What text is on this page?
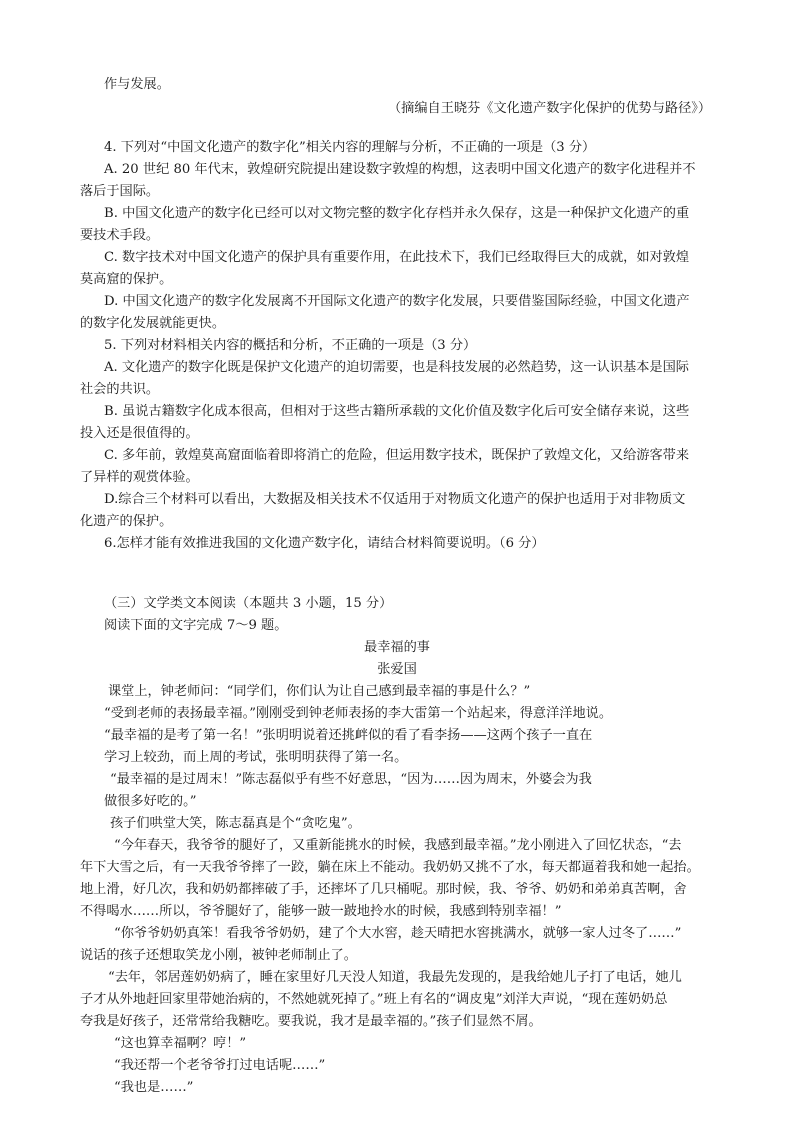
作与发展。
（摘编自王晓芬《文化遗产数字化保护的优势与路径》）
4. 下列对“中国文化遗产的数字化”相关内容的理解与分析，不正确的一项是（3 分）
A. 20 世纪 80 年代末，敦煌研究院提出建设数字敦煌的构想，这表明中国文化遗产的数字化进程并不
落后于国际。
B. 中国文化遗产的数字化已经可以对文物完整的数字化存档并永久保存，这是一种保护文化遗产的重
要技术手段。
C. 数字技术对中国文化遗产的保护具有重要作用，在此技术下，我们已经取得巨大的成就，如对敦煌
莫高窟的保护。
D. 中国文化遗产的数字化发展离不开国际文化遗产的数字化发展，只要借鉴国际经验，中国文化遗产
的数字化发展就能更快。
5. 下列对材料相关内容的概括和分析，不正确的一项是（3 分）
A. 文化遗产的数字化既是保护文化遗产的迫切需要，也是科技发展的必然趋势，这一认识基本是国际
社会的共识。
B. 虽说古籍数字化成本很高，但相对于这些古籍所承载的文化价值及数字化后可安全储存来说，这些
投入还是很值得的。
C. 多年前，敦煌莫高窟面临着即将消亡的危险，但运用数字技术，既保护了敦煌文化，又给游客带来
了异样的观赏体验。
D.综合三个材料可以看出，大数据及相关技术不仅适用于对物质文化遗产的保护也适用于对非物质文
化遗产的保护。
6.怎样才能有效推进我国的文化遗产数字化，请结合材料简要说明。（6 分）
（三）文学类文本阅读（本题共 3 小题，15 分）
阅读下面的文字完成 7～9 题。
最幸福的事
张爱国
课堂上，钟老师问：“同学们，你们认为让自己感到最幸福的事是什么？”
“受到老师的表扬最幸福。”刚刚受到钟老师表扬的李大雷第一个站起来，得意洋洋地说。
“最幸福的是考了第一名！”张明明说着还挑衅似的看了看李扬——这两个孩子一直在
学习上较劲，而上周的考试，张明明获得了第一名。
“最幸福的是过周末！”陈志磊似乎有些不好意思，“因为……因为周末，外婆会为我
做很多好吃的。”
孩子们哄堂大笑，陈志磊真是个“贪吃鬼”。
“今年春天，我爷爷的腿好了，又重新能挑水的时候，我感到最幸福。”龙小刚进入了回忆状态，“去
年下大雪之后，有一天我爷爷摔了一跤，躺在床上不能动。我奶奶又挑不了水，每天都逼着我和她一起抬。
地上滑，好几次，我和奶奶都摔破了手，还摔坏了几只桶呢。那时候，我、爷爷、奶奶和弟弟真苦啊，舍
不得喝水……所以，爷爷腿好了，能够一跛一跛地拎水的时候，我感到特别幸福！”
“你爷爷奶奶真笨！看我爷爷奶奶，建了个大水窖，趁天晴把水窖挑满水，就够一家人过冬了……”
说话的孩子还想取笑龙小刚，被钟老师制止了。
“去年，邻居莲奶奶病了，睡在家里好几天没人知道，我最先发现的，是我给她儿子打了电话，她儿
子才从外地赶回家里带她治病的，不然她就死掉了。”班上有名的“调皮鬼”刘洋大声说，“现在莲奶奶总
夸我是好孩子，还常常给我糖吃。要我说，我才是最幸福的。”孩子们显然不屑。
“这也算幸福啊？哼！”
“我还帮一个老爷爷打过电话呢……”
“我也是……”
